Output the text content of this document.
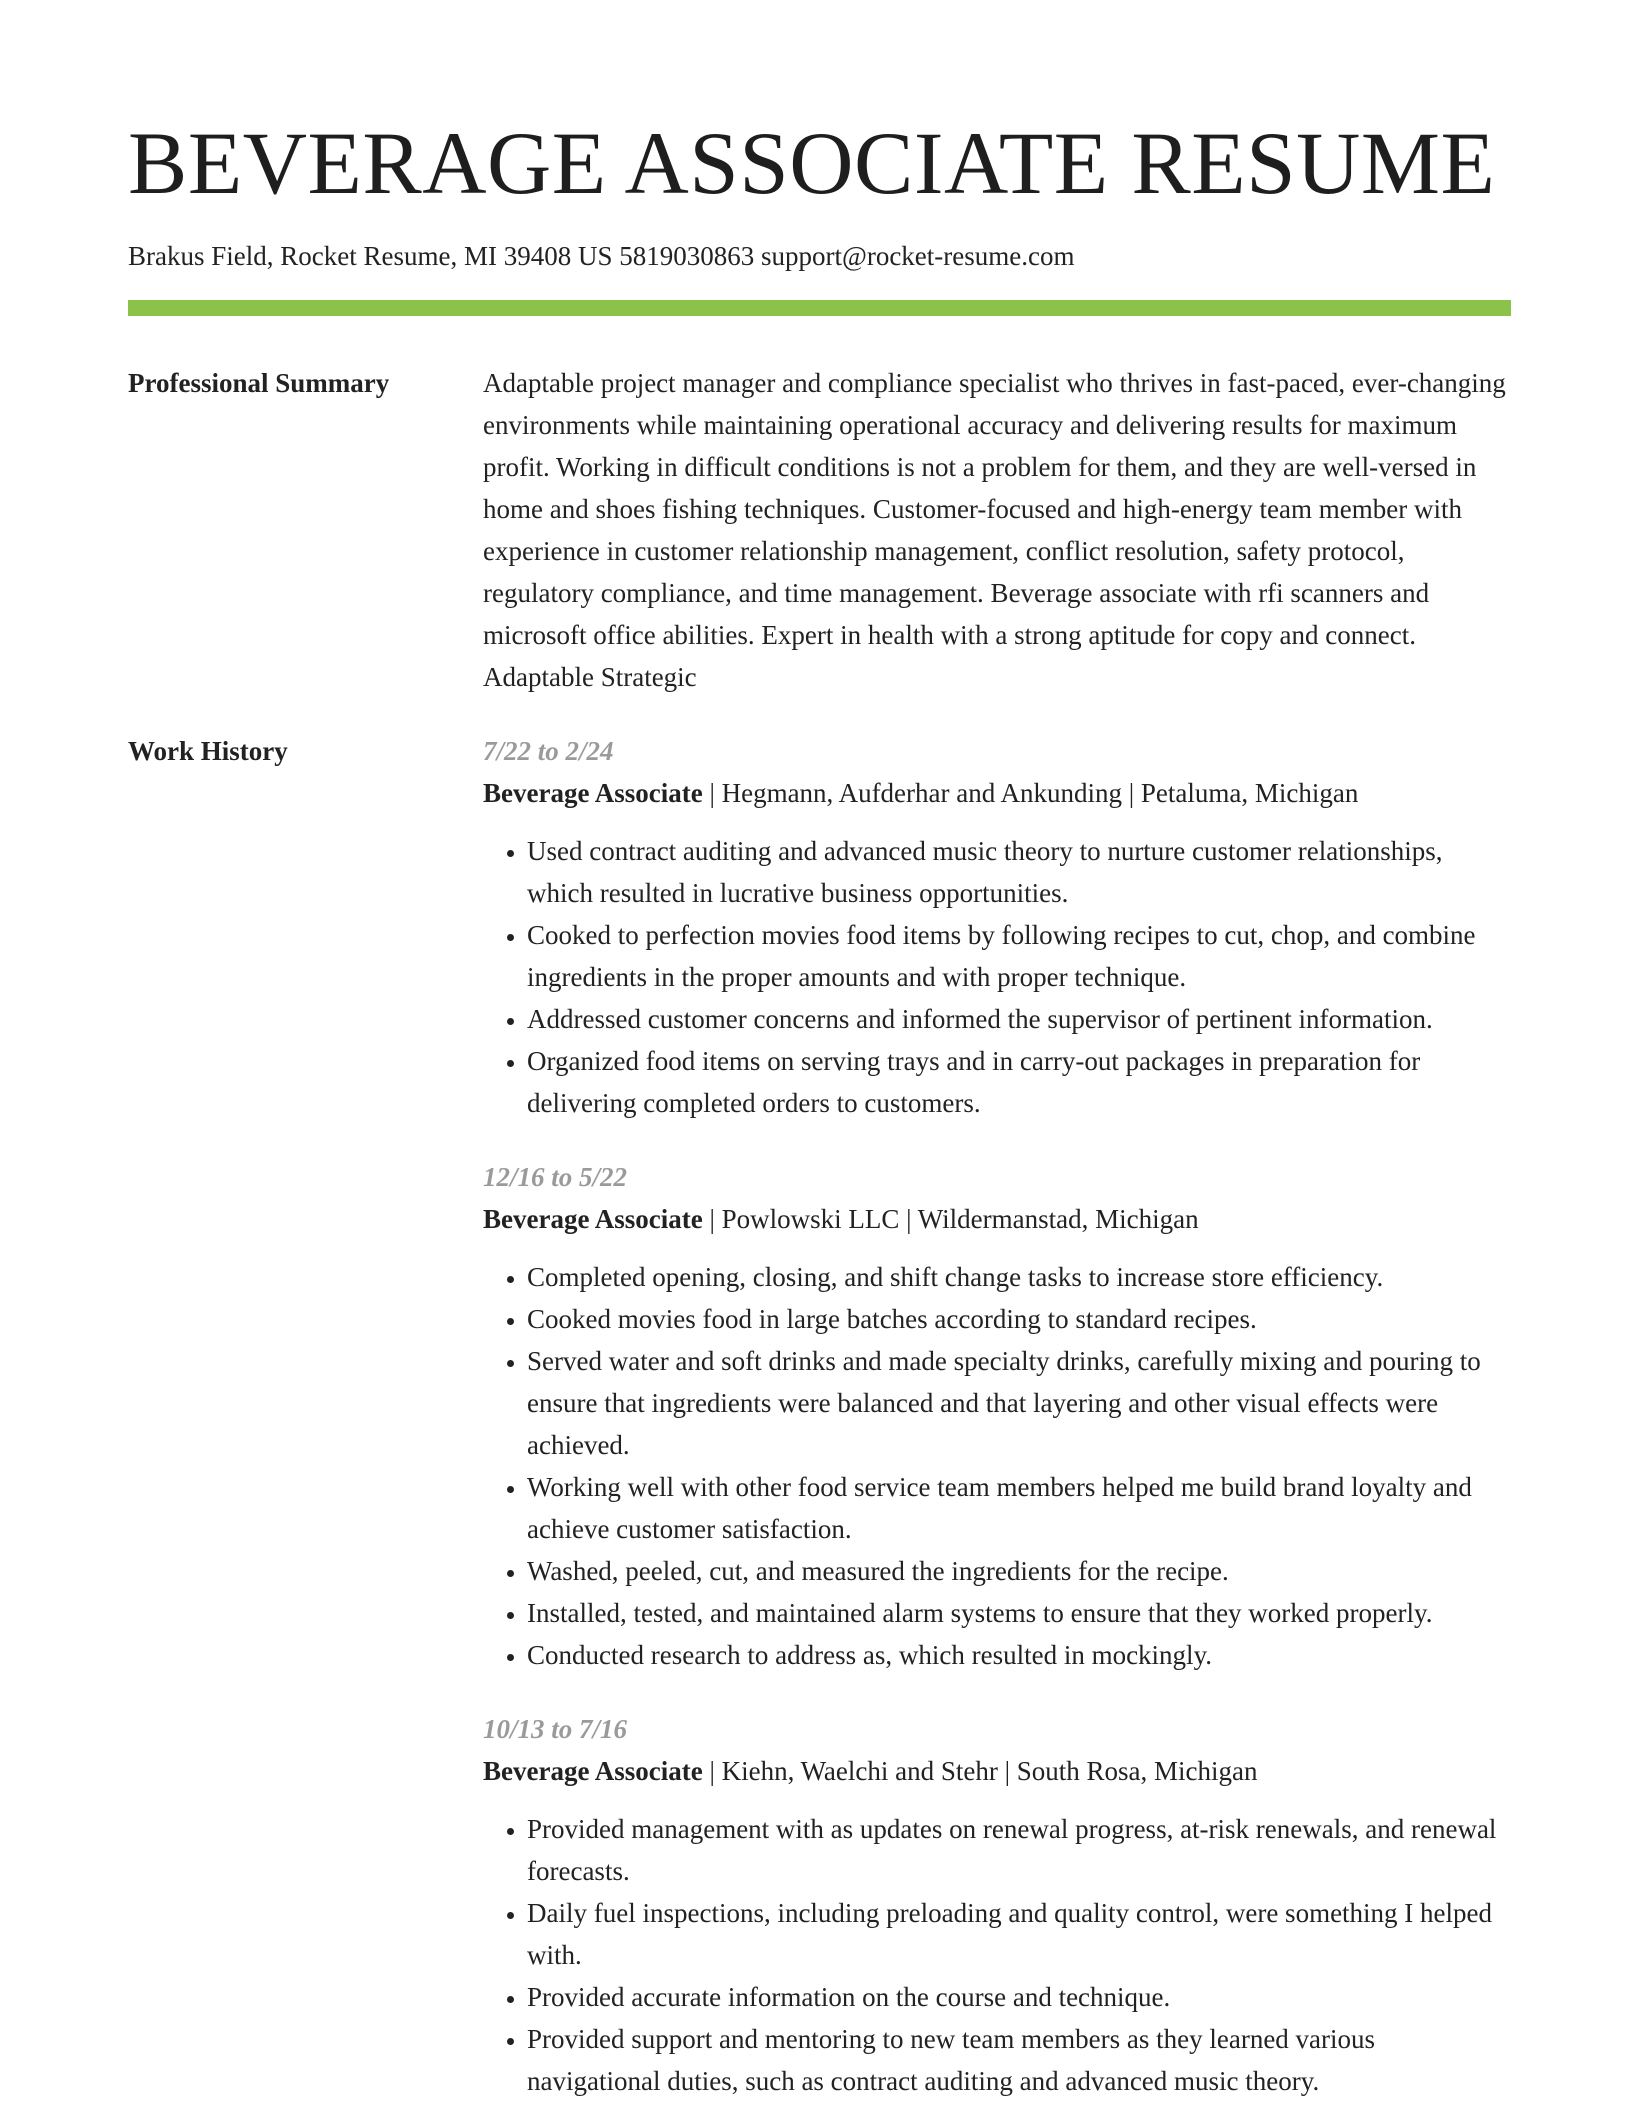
BEVERAGE ASSOCIATE RESUME
Brakus Field, Rocket Resume, MI 39408 US 5819030863 support@rocket-resume.com
Professional Summary	Adaptable project manager and compliance specialist who thrives in fast-paced, ever-changing environments while maintaining operational accuracy and delivering results for maximum profit. Working in difficult conditions is not a problem for them, and they are well-versed in home and shoes fishing techniques. Customer-focused and high-energy team member with experience in customer relationship management, conflict resolution, safety protocol, regulatory compliance, and time management. Beverage associate with rfi scanners and microsoft office abilities. Expert in health with a strong aptitude for copy and connect. Adaptable Strategic
Work History	7/22 to 2/24
Beverage Associate | Hegmann, Aufderhar and Ankunding | Petaluma, Michigan
• Used contract auditing and advanced music theory to nurture customer relationships, which resulted in lucrative business opportunities.
• Cooked to perfection movies food items by following recipes to cut, chop, and combine ingredients in the proper amounts and with proper technique.
• Addressed customer concerns and informed the supervisor of pertinent information.
• Organized food items on serving trays and in carry-out packages in preparation for delivering completed orders to customers.
12/16 to 5/22
Beverage Associate | Powlowski LLC | Wildermanstad, Michigan
• Completed opening, closing, and shift change tasks to increase store efficiency.
• Cooked movies food in large batches according to standard recipes.
• Served water and soft drinks and made specialty drinks, carefully mixing and pouring to ensure that ingredients were balanced and that layering and other visual effects were achieved.
• Working well with other food service team members helped me build brand loyalty and achieve customer satisfaction.
• Washed, peeled, cut, and measured the ingredients for the recipe.
• Installed, tested, and maintained alarm systems to ensure that they worked properly.
• Conducted research to address as, which resulted in mockingly.
10/13 to 7/16
Beverage Associate | Kiehn, Waelchi and Stehr | South Rosa, Michigan
• Provided management with as updates on renewal progress, at-risk renewals, and renewal forecasts.
• Daily fuel inspections, including preloading and quality control, were something I helped with.
• Provided accurate information on the course and technique.
• Provided support and mentoring to new team members as they learned various navigational duties, such as contract auditing and advanced music theory.
